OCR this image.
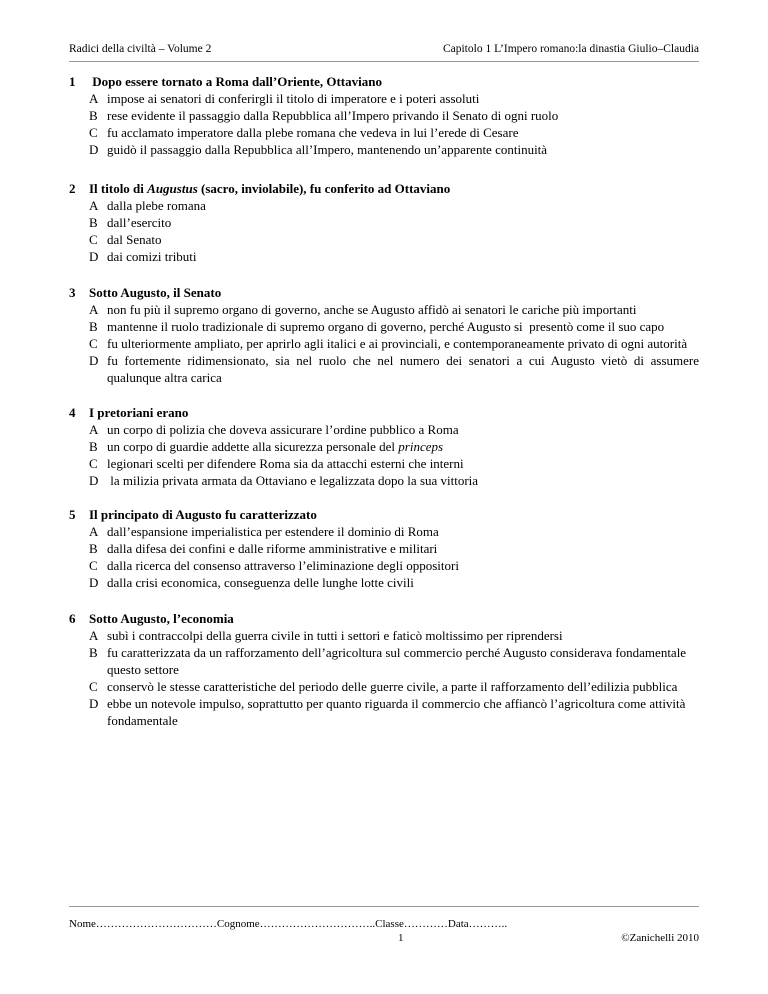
Radici della civiltà – Volume 2	Capitolo 1 L’Impero romano:la dinastia Giulio–Claudia
1 Dopo essere tornato a Roma dall’Oriente, Ottaviano
A impose ai senatori di conferirgli il titolo di imperatore e i poteri assoluti
B rese evidente il passaggio dalla Repubblica all’Impero privando il Senato di ogni ruolo
C fu acclamato imperatore dalla plebe romana che vedeva in lui l’erede di Cesare
D guidò il passaggio dalla Repubblica all’Impero, mantenendo un’apparente continuità
2 Il titolo di Augustus (sacro, inviolabile), fu conferito ad Ottaviano
A dalla plebe romana
B dall’esercito
C dal Senato
D dai comizi tributi
3 Sotto Augusto, il Senato
A non fu più il supremo organo di governo, anche se Augusto affidò ai senatori le cariche più importanti
B mantenne il ruolo tradizionale di supremo organo di governo, perché Augusto si  presentò come il suo capo
C fu ulteriormente ampliato, per aprirlo agli italici e ai provinciali, e contemporaneamente privato di ogni autorità
D fu fortemente ridimensionato, sia nel ruolo che nel numero dei senatori a cui Augusto vietò di assumere qualunque altra carica
4 I pretoriani erano
A un corpo di polizia che doveva assicurare l’ordine pubblico a Roma
B un corpo di guardie addette alla sicurezza personale del princeps
C legionari scelti per difendere Roma sia da attacchi esterni che interni
D la milizia privata armata da Ottaviano e legalizzata dopo la sua vittoria
5 Il principato di Augusto fu caratterizzato
A dall’espansione imperialistica per estendere il dominio di Roma
B dalla difesa dei confini e dalle riforme amministrative e militari
C dalla ricerca del consenso attraverso l’eliminazione degli oppositori
D dalla crisi economica, conseguenza delle lunghe lotte civili
6 Sotto Augusto, l’economia
A subì i contraccolpi della guerra civile in tutti i settori e faticò moltissimo per riprendersi
B fu caratterizzata da un rafforzamento dell’agricoltura sul commercio perché Augusto considerava fondamentale questo settore
C conservò le stesse caratteristiche del periodo delle guerre civile, a parte il rafforzamento dell’edilizia pubblica
D ebbe un notevole impulso, soprattutto per quanto riguarda il commercio che affiancò l’agricoltura come attività fondamentale
Nome……………………………Cognome…………………………..Classe…………Data………..
1	©Zanichelli 2010
